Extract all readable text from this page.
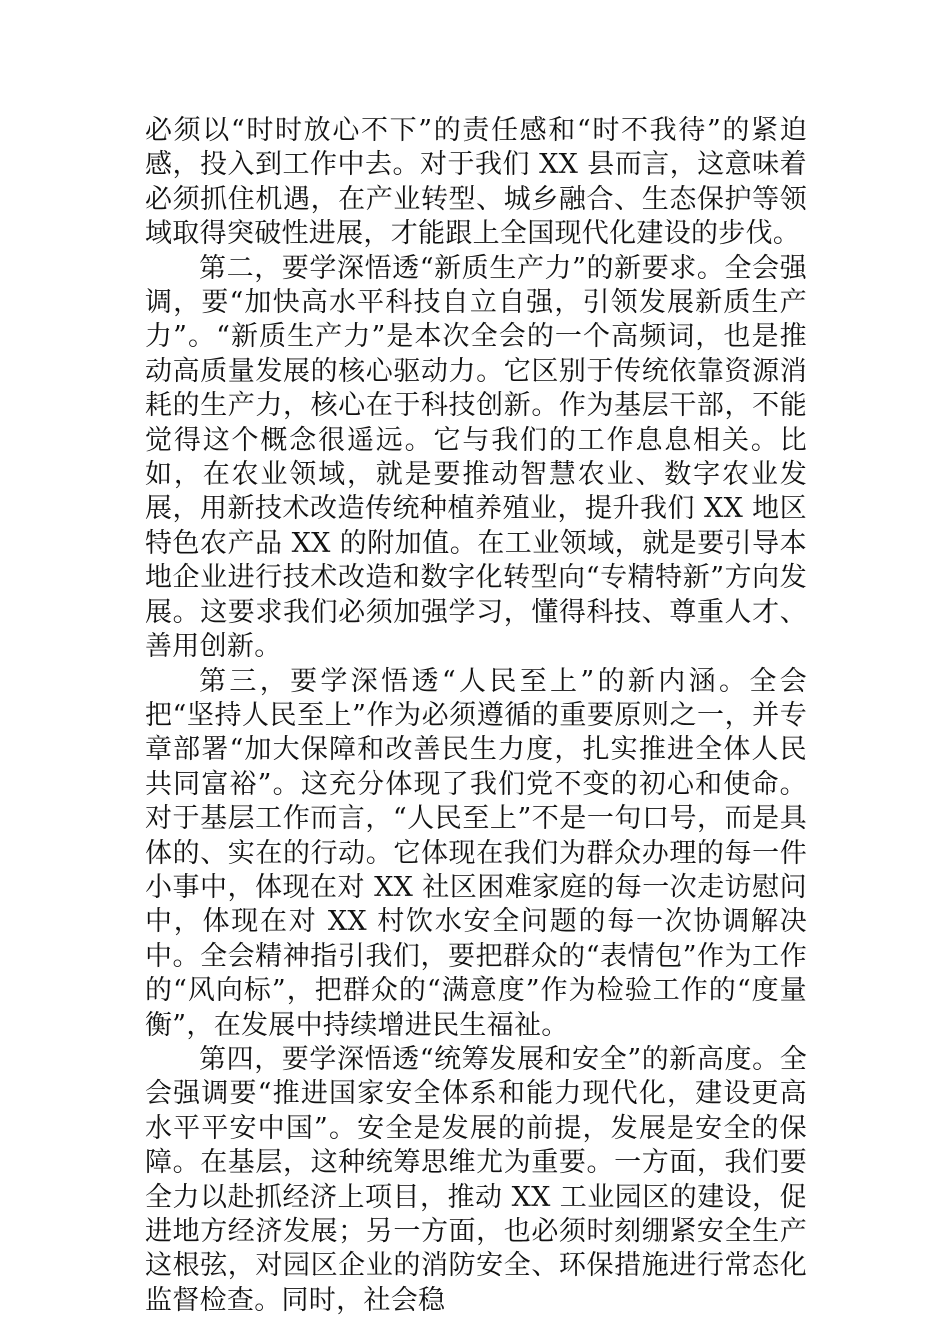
必须以“时时放心不下”的责任感和“时不我待”的紧迫感，投入到工作中去。对于我们 XX 县而言，这意味着必须抓住机遇，在产业转型、城乡融合、生态保护等领域取得突破性进展，才能跟上全国现代化建设的步伐。

第二，要学深悟透“新质生产力”的新要求。全会强调，要“加快高水平科技自立自强，引领发展新质生产力”。“新质生产力”是本次全会的一个高频词，也是推动高质量发展的核心驱动力。它区别于传统依靠资源消耗的生产力，核心在于科技创新。作为基层干部，不能觉得这个概念很遥远。它与我们的工作息息相关。比如，在农业领域，就是要推动智慧农业、数字农业发展，用新技术改造传统种植养殖业，提升我们 XX 地区特色农产品 XX 的附加值。在工业领域，就是要引导本地企业进行技术改造和数字化转型向“专精特新”方向发展。这要求我们必须加强学习，懂得科技、尊重人才、善用创新。

第三，要学深悟透“人民至上”的新内涵。全会把“坚持人民至上”作为必须遵循的重要原则之一，并专章部署“加大保障和改善民生力度，扎实推进全体人民共同富裕”。这充分体现了我们党不变的初心和使命。对于基层工作而言，“人民至上”不是一句口号，而是具体的、实在的行动。它体现在我们为群众办理的每一件小事中，体现在对 XX 社区困难家庭的每一次走访慰问中，体现在对 XX 村饮水安全问题的每一次协调解决中。全会精神指引我们，要把群众的“表情包”作为工作的“风向标”，把群众的“满意度”作为检验工作的“度量衡”，在发展中持续增进民生福祉。

第四，要学深悟透“统筹发展和安全”的新高度。全会强调要“推进国家安全体系和能力现代化，建设更高水平平安中国”。安全是发展的前提，发展是安全的保障。在基层，这种统筹思维尤为重要。一方面，我们要全力以赴抓经济上项目，推动 XX 工业园区的建设，促进地方经济发展；另一方面，也必须时刻绷紧安全生产这根弦，对园区企业的消防安全、环保措施进行常态化监督检查。同时，社会稳
